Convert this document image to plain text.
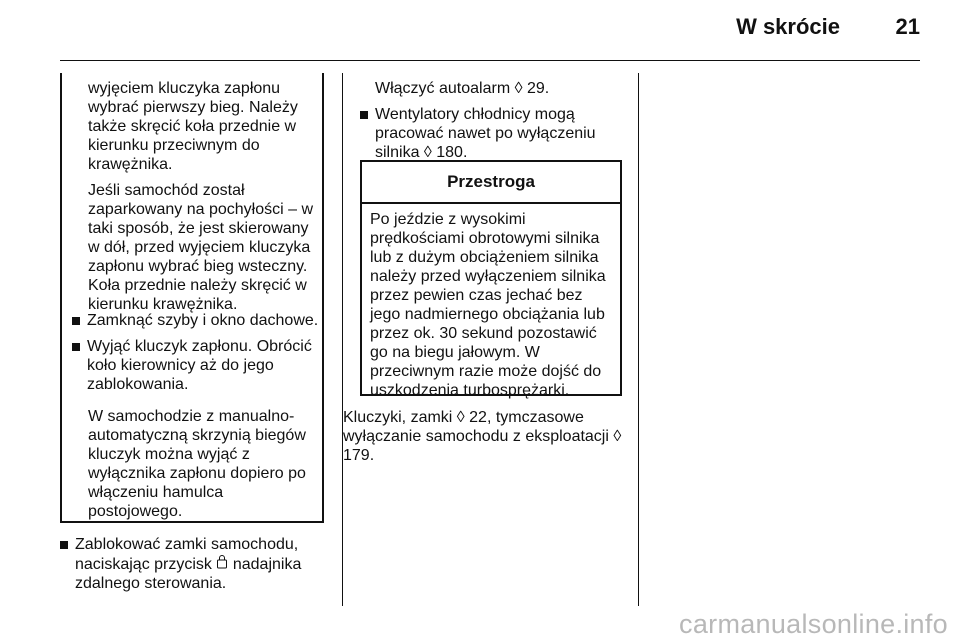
W skrócie	21

wyjęciem kluczyka zapłonu wybrać pierwszy bieg. Należy także skręcić koła przednie w kierunku przeciwnym do krawężnika.

Jeśli samochód został zaparkowany na pochyłości – w taki sposób, że jest skierowany w dół, przed wyjęciem kluczyka zapłonu wybrać bieg wsteczny. Koła przednie należy skręcić w kierunku krawężnika.

Zamknąć szyby i okno dachowe.

Wyjąć kluczyk zapłonu. Obrócić koło kierownicy aż do jego zablokowania.

W samochodzie z manualno-automatyczną skrzynią biegów kluczyk można wyjąć z wyłącznika zapłonu dopiero po włączeniu hamulca postojowego.

Zablokować zamki samochodu, naciskając przycisk nadajnika zdalnego sterowania.

Włączyć autoalarm ◊ 29.

Wentylatory chłodnicy mogą pracować nawet po wyłączeniu silnika ◊ 180.

Przestroga

Po jeździe z wysokimi prędkościami obrotowymi silnika lub z dużym obciążeniem silnika należy przed wyłączeniem silnika przez pewien czas jechać bez jego nadmiernego obciążania lub przez ok. 30 sekund pozostawić go na biegu jałowym. W przeciwnym razie może dojść do uszkodzenia turbosprężarki.

Kluczyki, zamki ◊ 22, tymczasowe wyłączanie samochodu z eksploatacji ◊ 179.

carmanualsonline.info
